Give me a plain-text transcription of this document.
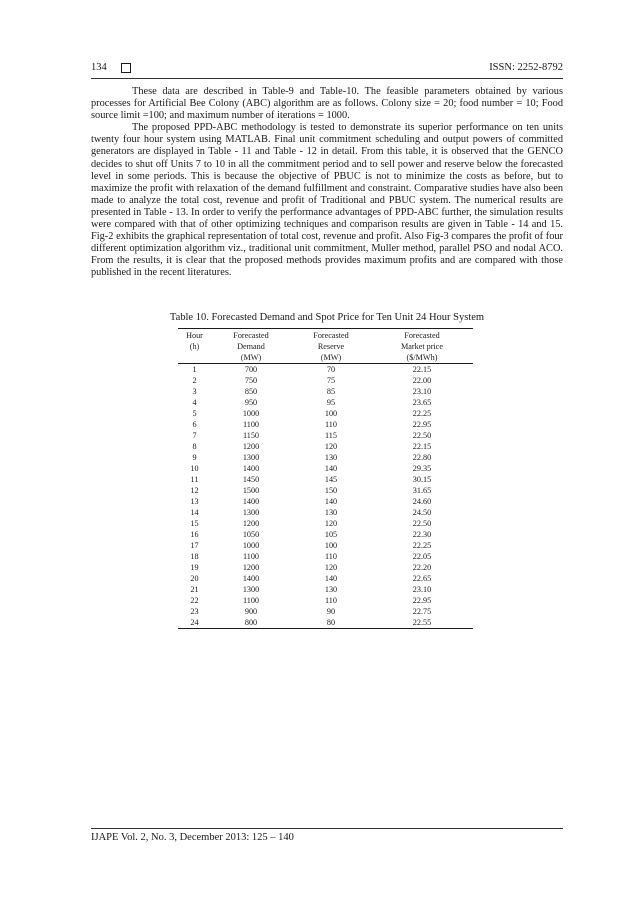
134	ISSN: 2252-8792

These data are described in Table-9 and Table-10. The feasible parameters obtained by various processes for Artificial Bee Colony (ABC) algorithm are as follows. Colony size = 20; food number = 10; Food source limit =100; and maximum number of iterations = 1000.

The proposed PPD-ABC methodology is tested to demonstrate its superior performance on ten units twenty four hour system using MATLAB. Final unit commitment scheduling and output powers of committed generators are displayed in Table - 11 and Table - 12 in detail. From this table, it is observed that the GENCO decides to shut off Units 7 to 10 in all the commitment period and to sell power and reserve below the forecasted level in some periods. This is because the objective of PBUC is not to minimize the costs as before, but to maximize the profit with relaxation of the demand fulfillment and constraint. Comparative studies have also been made to analyze the total cost, revenue and profit of Traditional and PBUC system. The numerical results are presented in Table - 13. In order to verify the performance advantages of PPD-ABC further, the simulation results were compared with that of other optimizing techniques and comparison results are given in Table - 14 and 15. Fig-2 exhibits the graphical representation of total cost, revenue and profit. Also Fig-3 compares the profit of four different optimization algorithm viz., traditional unit commitment, Muller method, parallel PSO and nodal ACO. From the results, it is clear that the proposed methods provides maximum profits and are compared with those published in the recent literatures.

Table 10. Forecasted Demand and Spot Price for Ten Unit 24 Hour System
Hour	Forecasted	Forecasted	Forecasted
(h)	Demand	Reserve	Market price
	(MW)	(MW)	($/MWh)
1	700	70	22.15
2	750	75	22.00
3	850	85	23.10
4	950	95	23.65
5	1000	100	22.25
6	1100	110	22.95
7	1150	115	22.50
8	1200	120	22.15
9	1300	130	22.80
10	1400	140	29.35
11	1450	145	30.15
12	1500	150	31.65
13	1400	140	24.60
14	1300	130	24.50
15	1200	120	22.50
16	1050	105	22.30
17	1000	100	22.25
18	1100	110	22.05
19	1200	120	22.20
20	1400	140	22.65
21	1300	130	23.10
22	1100	110	22.95
23	900	90	22.75
24	800	80	22.55
IJAPE Vol. 2, No. 3, December 2013: 125 – 140
